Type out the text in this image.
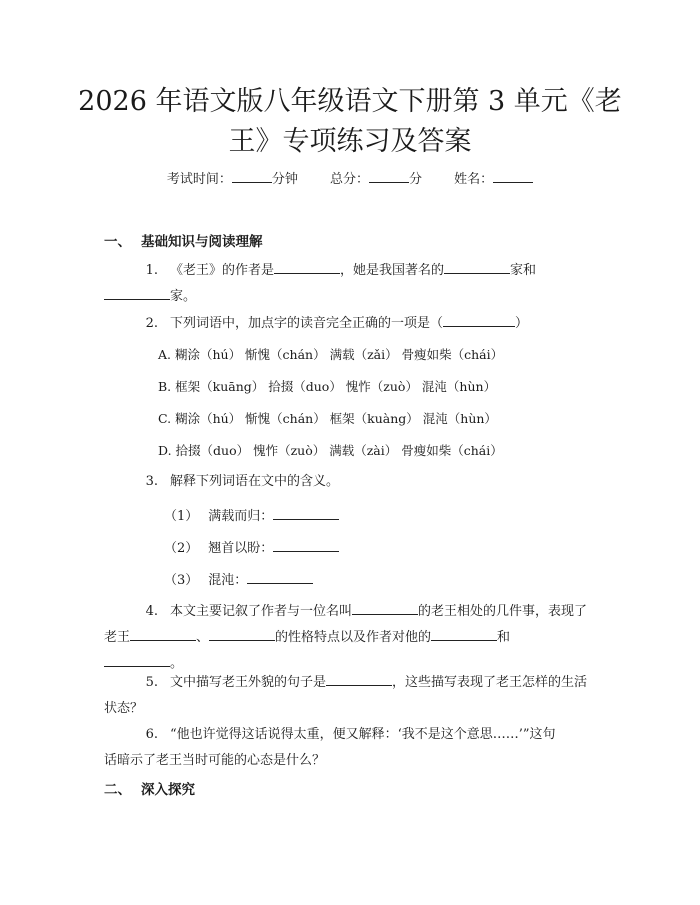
2026 年语文版八年级语文下册第 3 单元《老
王》专项练习及答案
考试时间：	分钟 总分：	分 姓名：
一、 基础知识与阅读理解
1. 《老王》的作者是	，她是我国著名的	家和
家。
2. 下列词语中，加点字的读音完全正确的一项是（	）
A. 糊涂（hú） 惭愧（chán） 满载（zǎi） 骨瘦如柴（chái）
B. 框架（kuāng） 拾掇（duo） 愧怍（zuò） 混沌（hùn）
C. 糊涂（hú） 惭愧（chán） 框架（kuàng） 混沌（hùn）
D. 拾掇（duo） 愧怍（zuò） 满载（zài） 骨瘦如柴（chái）
3. 解释下列词语在文中的含义。
（1） 满载而归：
（2） 翘首以盼：
（3） 混沌：
4. 本文主要记叙了作者与一位名叫	的老王相处的几件事，表现了
老王	、	的性格特点以及作者对他的	和
。
5. 文中描写老王外貌的句子是	，这些描写表现了老王怎样的生活
状态？
6. “他也许觉得这话说得太重，便又解释：‘我不是这个意思……’”这句
话暗示了老王当时可能的心态是什么？
二、 深入探究
